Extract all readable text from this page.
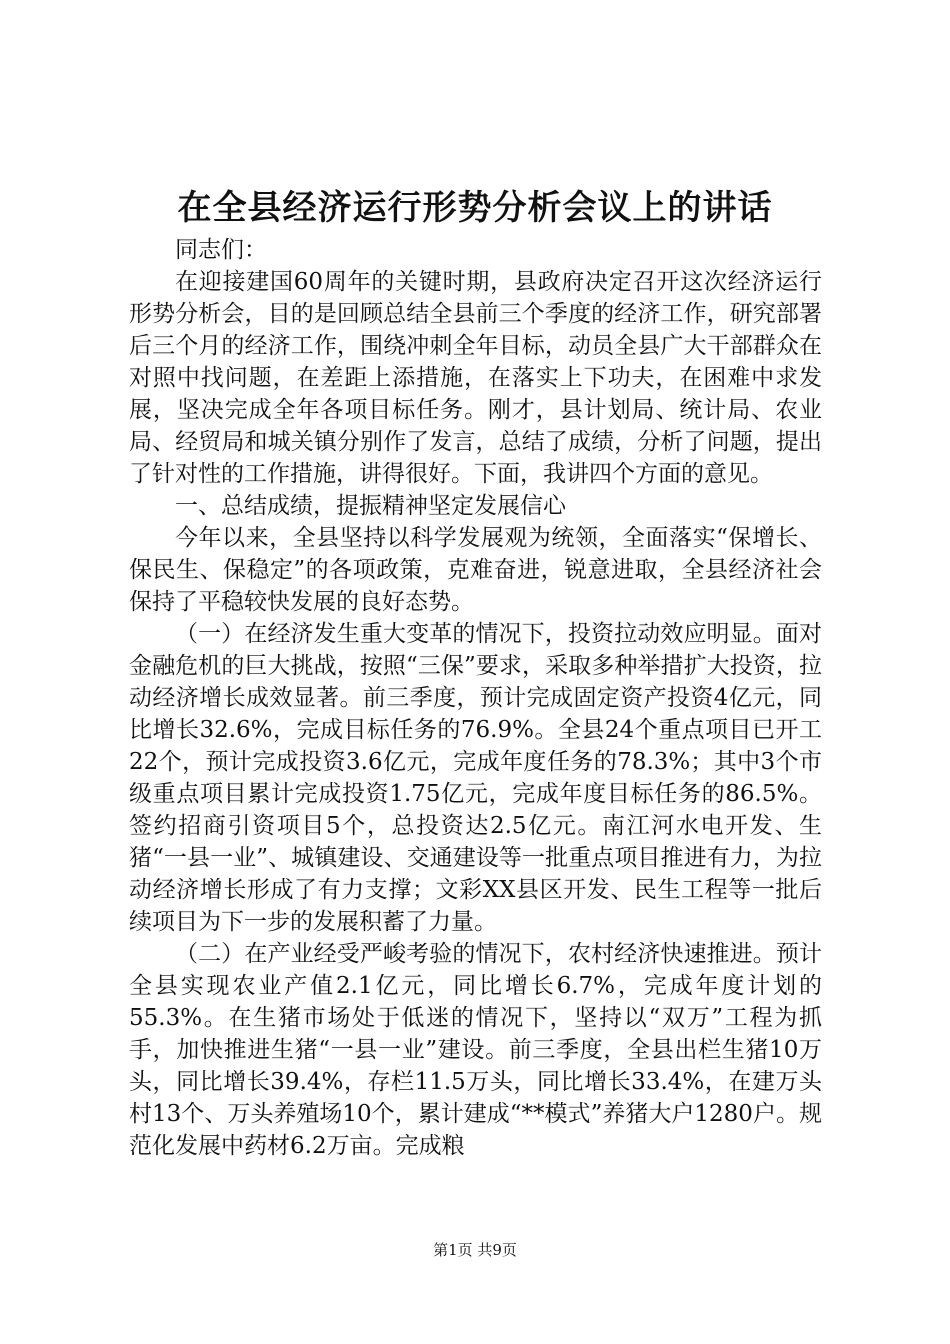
在全县经济运行形势分析会议上的讲话

同志们：

在迎接建国60周年的关键时期，县政府决定召开这次经济运行形势分析会，目的是回顾总结全县前三个季度的经济工作，研究部署后三个月的经济工作，围绕冲刺全年目标，动员全县广大干部群众在对照中找问题，在差距上添措施，在落实上下功夫，在困难中求发展，坚决完成全年各项目标任务。刚才，县计划局、统计局、农业局、经贸局和城关镇分别作了发言，总结了成绩，分析了问题，提出了针对性的工作措施，讲得很好。下面，我讲四个方面的意见。

一、总结成绩，提振精神坚定发展信心

今年以来，全县坚持以科学发展观为统领，全面落实“保增长、保民生、保稳定”的各项政策，克难奋进，锐意进取，全县经济社会保持了平稳较快发展的良好态势。

（一）在经济发生重大变革的情况下，投资拉动效应明显。面对金融危机的巨大挑战，按照“三保”要求，采取多种举措扩大投资，拉动经济增长成效显著。前三季度，预计完成固定资产投资4亿元，同比增长32.6%，完成目标任务的76.9%。全县24个重点项目已开工22个，预计完成投资3.6亿元，完成年度任务的78.3%；其中3个市级重点项目累计完成投资1.75亿元，完成年度目标任务的86.5%。签约招商引资项目5个，总投资达2.5亿元。南江河水电开发、生猪“一县一业”、城镇建设、交通建设等一批重点项目推进有力，为拉动经济增长形成了有力支撑；文彩XX县区开发、民生工程等一批后续项目为下一步的发展积蓄了力量。

（二）在产业经受严峻考验的情况下，农村经济快速推进。预计全县实现农业产值2.1亿元，同比增长6.7%，完成年度计划的55.3%。在生猪市场处于低迷的情况下，坚持以“双万”工程为抓手，加快推进生猪“一县一业”建设。前三季度，全县出栏生猪10万头，同比增长39.4%，存栏11.5万头，同比增长33.4%，在建万头村13个、万头养殖场10个，累计建成“**模式”养猪大户1280户。规范化发展中药材6.2万亩。完成粮

第1页 共9页
